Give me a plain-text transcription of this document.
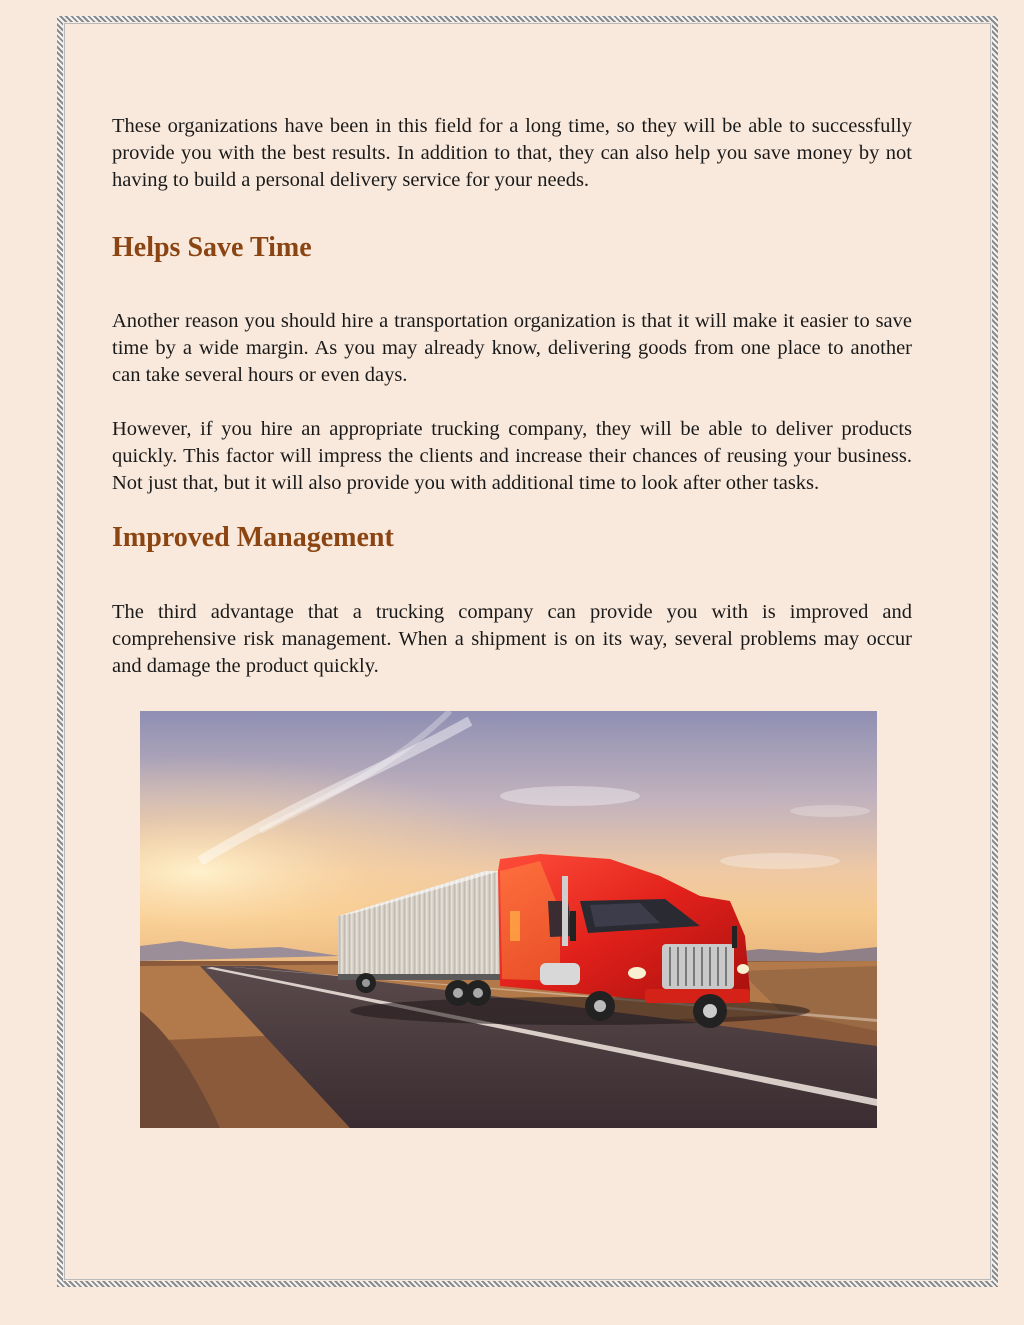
These organizations have been in this field for a long time, so they will be able to successfully provide you with the best results. In addition to that, they can also help you save money by not having to build a personal delivery service for your needs.

Helps Save Time

Another reason you should hire a transportation organization is that it will make it easier to save time by a wide margin. As you may already know, delivering goods from one place to another can take several hours or even days.

However, if you hire an appropriate trucking company, they will be able to deliver products quickly. This factor will impress the clients and increase their chances of reusing your business. Not just that, but it will also provide you with additional time to look after other tasks.

Improved Management

The third advantage that a trucking company can provide you with is improved and comprehensive risk management. When a shipment is on its way, several problems may occur and damage the product quickly.
